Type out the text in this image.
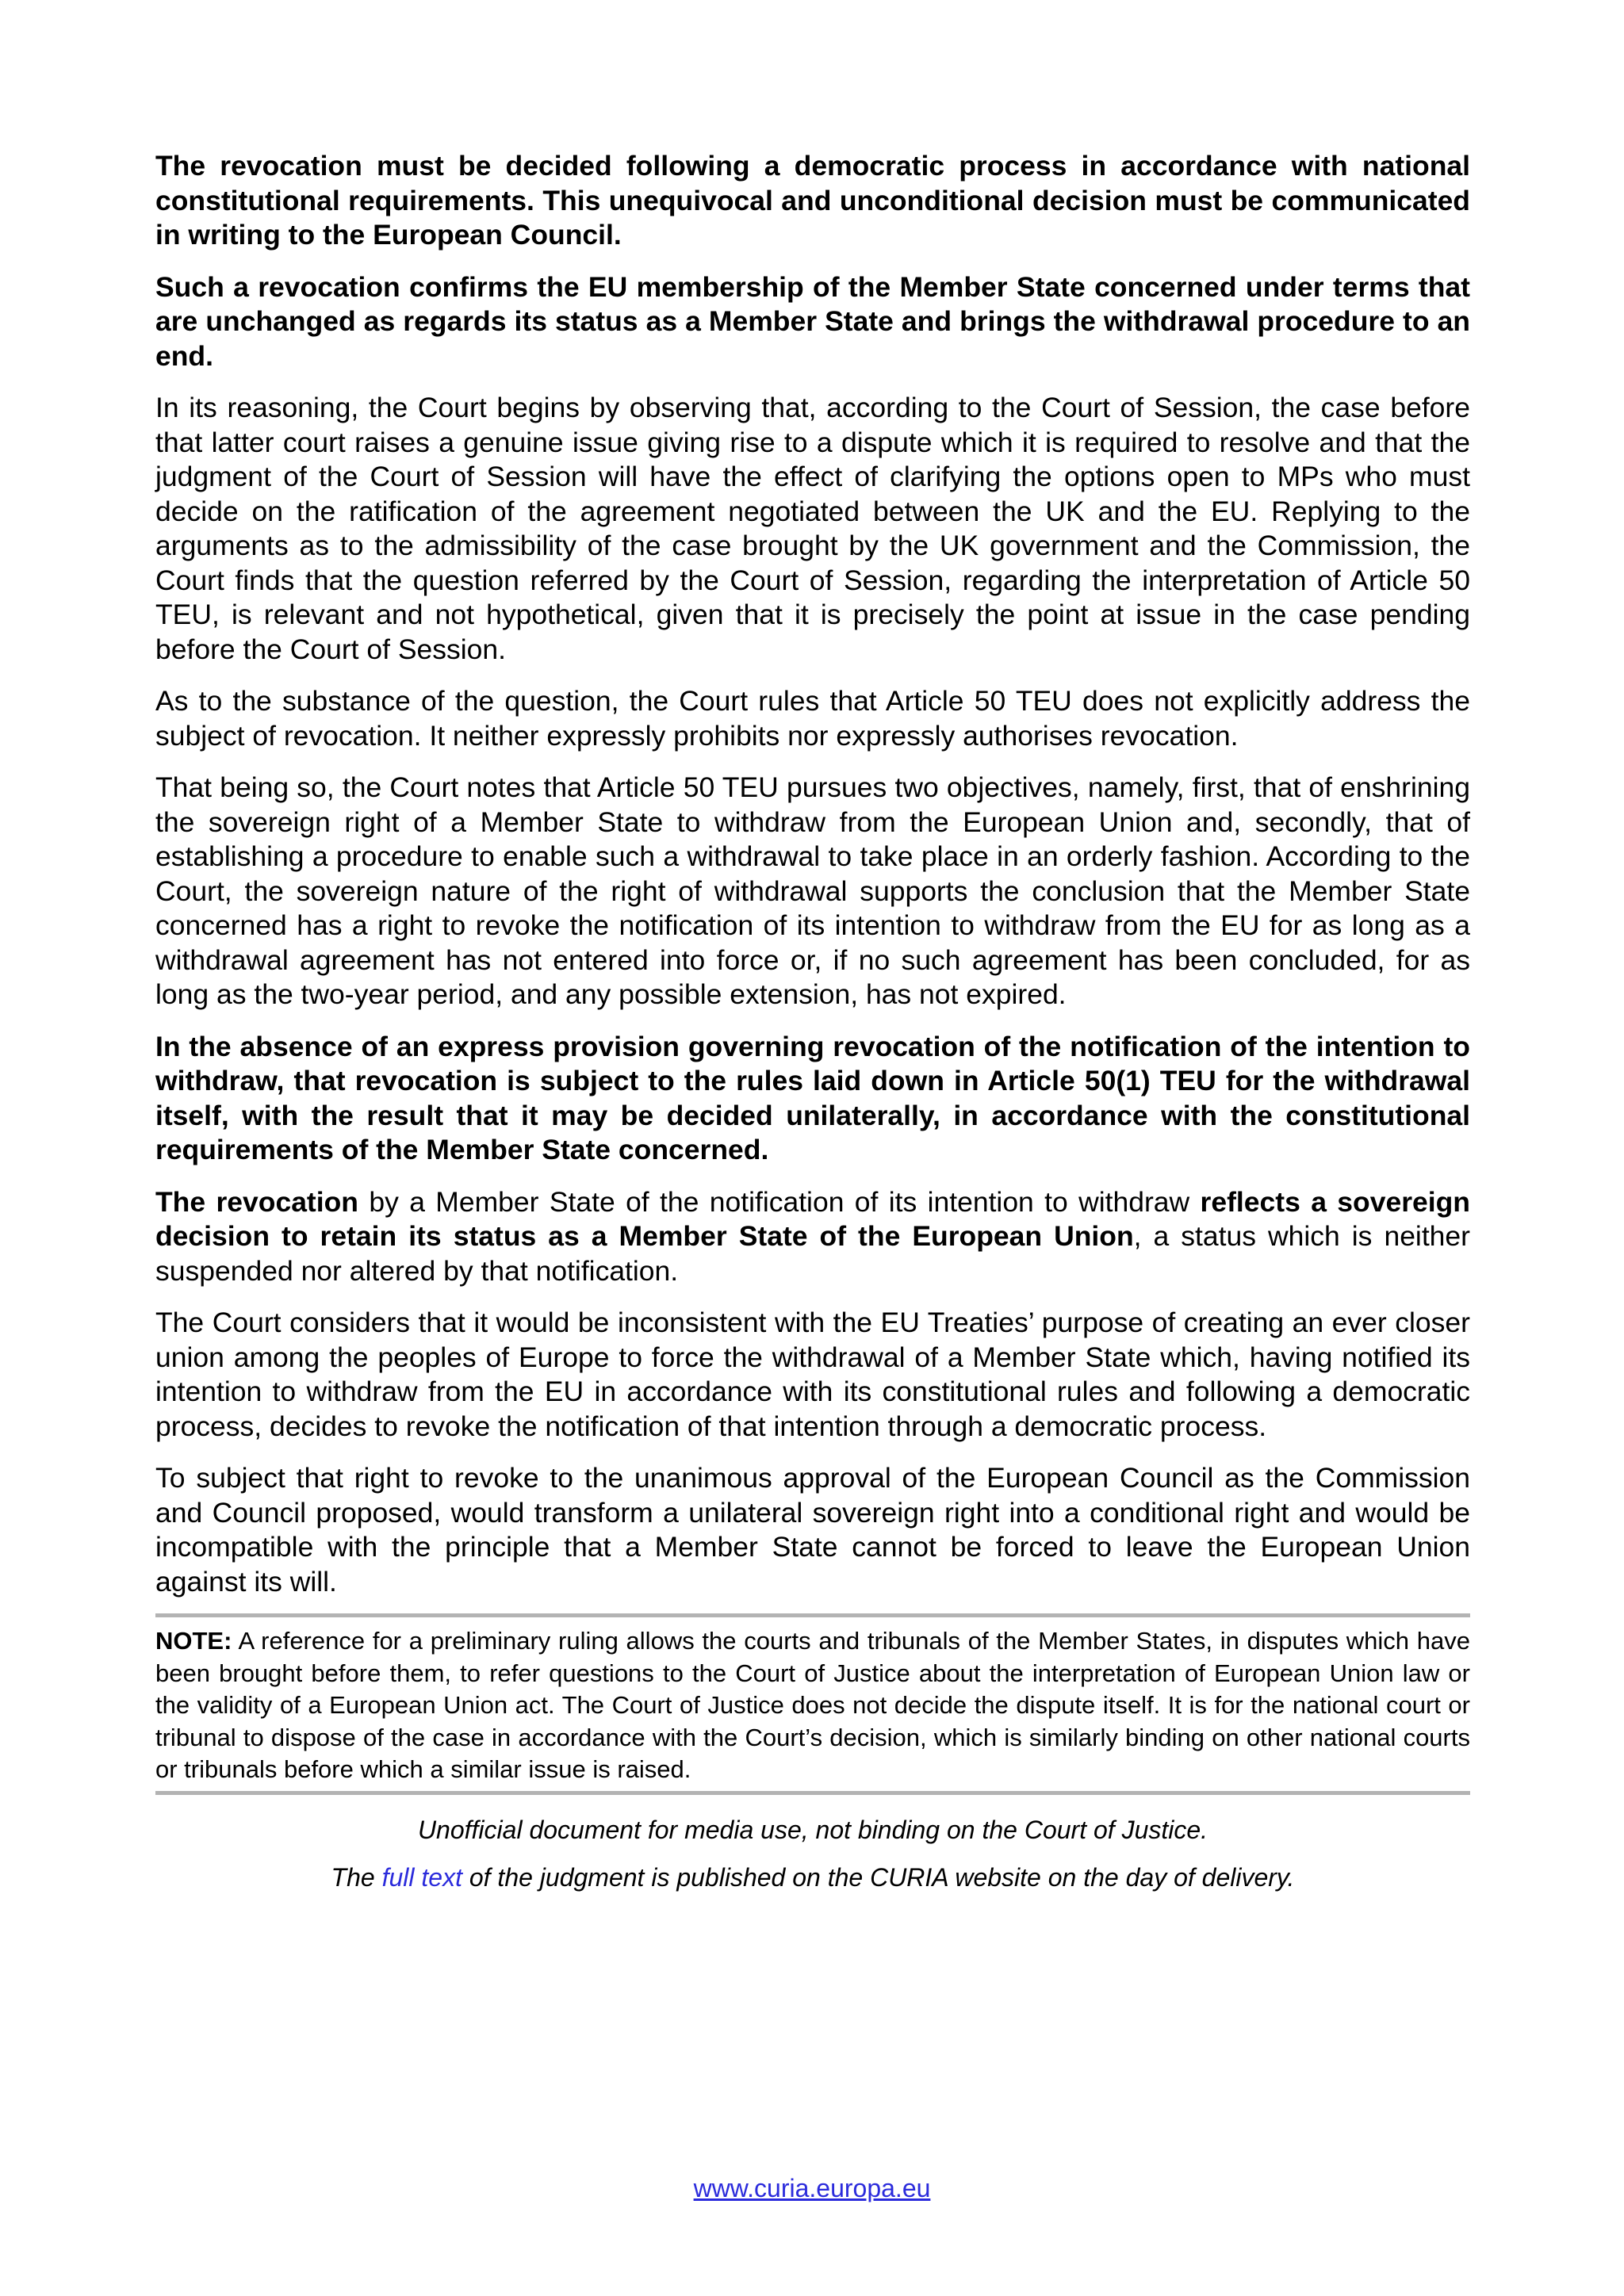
The revocation must be decided following a democratic process in accordance with national constitutional requirements. This unequivocal and unconditional decision must be communicated in writing to the European Council.

Such a revocation confirms the EU membership of the Member State concerned under terms that are unchanged as regards its status as a Member State and brings the withdrawal procedure to an end.

In its reasoning, the Court begins by observing that, according to the Court of Session, the case before that latter court raises a genuine issue giving rise to a dispute which it is required to resolve and that the judgment of the Court of Session will have the effect of clarifying the options open to MPs who must decide on the ratification of the agreement negotiated between the UK and the EU. Replying to the arguments as to the admissibility of the case brought by the UK government and the Commission, the Court finds that the question referred by the Court of Session, regarding the interpretation of Article 50 TEU, is relevant and not hypothetical, given that it is precisely the point at issue in the case pending before the Court of Session.

As to the substance of the question, the Court rules that Article 50 TEU does not explicitly address the subject of revocation. It neither expressly prohibits nor expressly authorises revocation.

That being so, the Court notes that Article 50 TEU pursues two objectives, namely, first, that of enshrining the sovereign right of a Member State to withdraw from the European Union and, secondly, that of establishing a procedure to enable such a withdrawal to take place in an orderly fashion. According to the Court, the sovereign nature of the right of withdrawal supports the conclusion that the Member State concerned has a right to revoke the notification of its intention to withdraw from the EU for as long as a withdrawal agreement has not entered into force or, if no such agreement has been concluded, for as long as the two-year period, and any possible extension, has not expired.

In the absence of an express provision governing revocation of the notification of the intention to withdraw, that revocation is subject to the rules laid down in Article 50(1) TEU for the withdrawal itself, with the result that it may be decided unilaterally, in accordance with the constitutional requirements of the Member State concerned.

The revocation by a Member State of the notification of its intention to withdraw reflects a sovereign decision to retain its status as a Member State of the European Union, a status which is neither suspended nor altered by that notification.

The Court considers that it would be inconsistent with the EU Treaties’ purpose of creating an ever closer union among the peoples of Europe to force the withdrawal of a Member State which, having notified its intention to withdraw from the EU in accordance with its constitutional rules and following a democratic process, decides to revoke the notification of that intention through a democratic process.

To subject that right to revoke to the unanimous approval of the European Council as the Commission and Council proposed, would transform a unilateral sovereign right into a conditional right and would be incompatible with the principle that a Member State cannot be forced to leave the European Union against its will.

NOTE: A reference for a preliminary ruling allows the courts and tribunals of the Member States, in disputes which have been brought before them, to refer questions to the Court of Justice about the interpretation of European Union law or the validity of a European Union act. The Court of Justice does not decide the dispute itself. It is for the national court or tribunal to dispose of the case in accordance with the Court’s decision, which is similarly binding on other national courts or tribunals before which a similar issue is raised.

Unofficial document for media use, not binding on the Court of Justice.

The full text of the judgment is published on the CURIA website on the day of delivery.

www.curia.europa.eu
